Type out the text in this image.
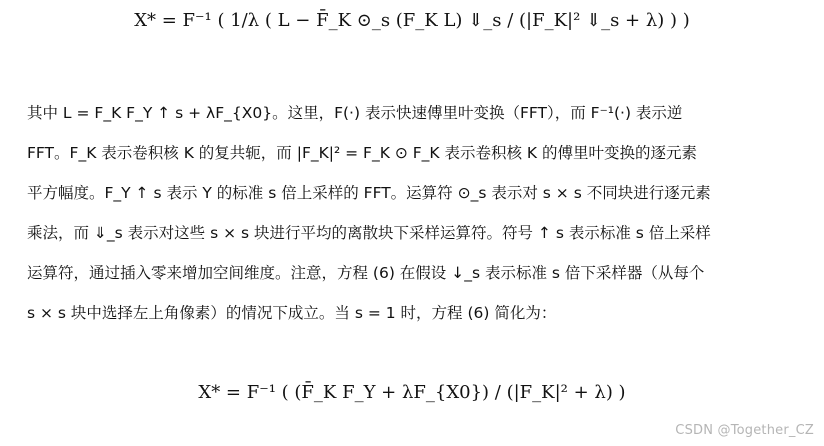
X* = F⁻¹ ( 1/λ ( L − F̄_K ⊙_s (F_K L) ⇓_s / (|F_K|² ⇓_s + λ) ) )
其中 L = F_K F_Y ↑ s + λF_{X0}。这里，F(·) 表示快速傅里叶变换（FFT），而 F⁻¹(·) 表示逆
FFT。F_K 表示卷积核 K 的复共轭，而 |F_K|² = F_K ⊙ F_K 表示卷积核 K 的傅里叶变换的逐元素
平方幅度。F_Y ↑ s 表示 Y 的标准 s 倍上采样的 FFT。运算符 ⊙_s 表示对 s × s 不同块进行逐元素
乘法，而 ⇓_s 表示对这些 s × s 块进行平均的离散块下采样运算符。符号 ↑ s 表示标准 s 倍上采样
运算符，通过插入零来增加空间维度。注意，方程 (6) 在假设 ↓_s 表示标准 s 倍下采样器（从每个
s × s 块中选择左上角像素）的情况下成立。当 s = 1 时，方程 (6) 简化为：
X* = F⁻¹ ( (F̄_K F_Y + λF_{X0}) / (|F_K|² + λ) )
CSDN @Together_CZ
